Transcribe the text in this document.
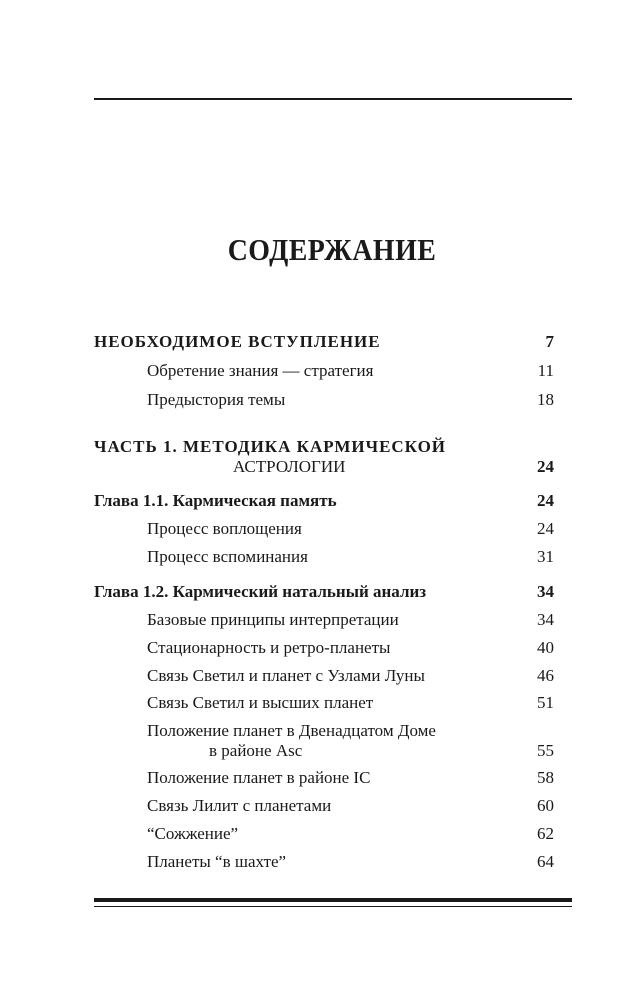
СОДЕРЖАНИЕ
НЕОБХОДИМОЕ ВСТУПЛЕНИЕ	7
Обретение знания — стратегия	11
Предыстория темы	18
ЧАСТЬ 1. МЕТОДИКА КАРМИЧЕСКОЙ
АСТРОЛОГИИ	24
Глава 1.1. Кармическая память	24
Процесс воплощения	24
Процесс вспоминания	31
Глава 1.2. Кармический натальный анализ	34
Базовые принципы интерпретации	34
Стационарность и ретро-планеты	40
Связь Светил и планет с Узлами Луны	46
Связь Светил и высших планет	51
Положение планет в Двенадцатом Доме
в районе Asc	55
Положение планет в районе IC	58
Связь Лилит с планетами	60
“Сожжение”	62
Планеты “в шахте”	64
